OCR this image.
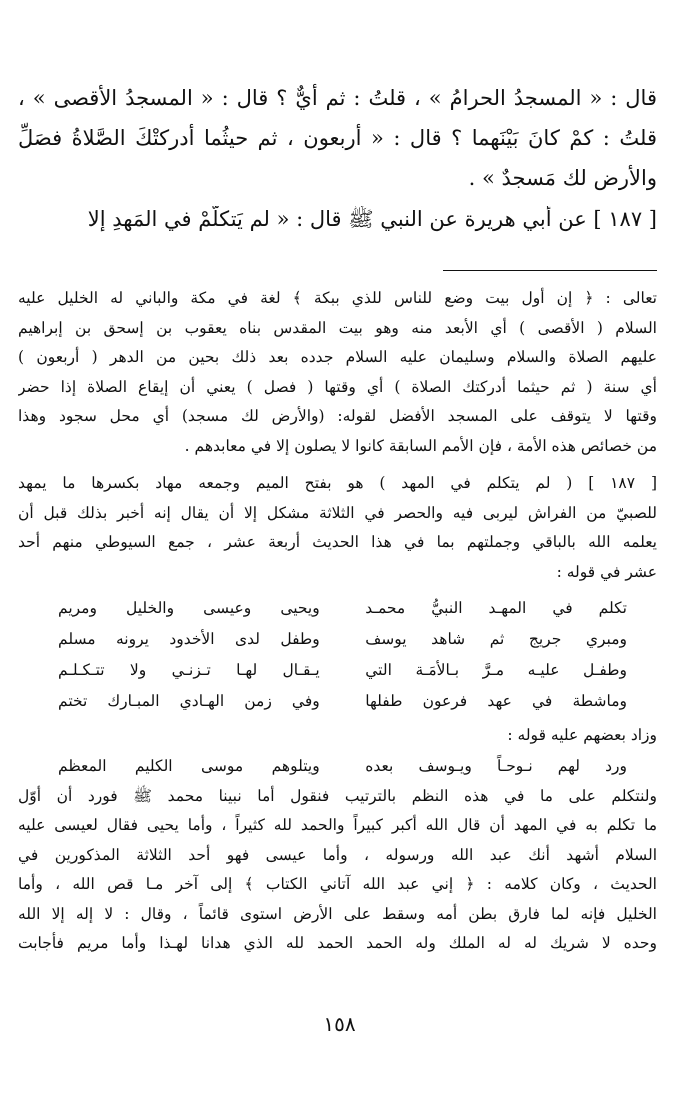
قال : « المسجدُ الحرامُ » ، قلتُ : ثم أيٌّ ؟ قال : « المسجدُ الأقصى » ،
قلتُ : كمْ كانَ بَيْنَهما ؟ قال : « أربعون ، ثم حيثُما أدركتْكَ الصَّلاةُ فصَلِّ
والأرض لك مَسجدٌ » .
[ ١٨٧ ] عن أبي هريرة عن النبي ﷺ قال : « لم يَتكلَّمْ في المَهدِ إلا
تعالى : ﴿ إن أول بيت وضع للناس للذي ببكة ﴾ لغة في مكة والباني له الخليل عليه
السلام ( الأقصى ) أي الأبعد منه وهو بيت المقدس بناه يعقوب بن إسحق بن إبراهيم
عليهم الصلاة والسلام وسليمان عليه السلام جدده بعد ذلك بحين من الدهر ( أربعون )
أي سنة ( ثم حيثما أدركتك الصلاة ) أي وقتها ( فصل ) يعني أن إيقاع الصلاة إذا حضر
وقتها لا يتوقف على المسجد الأفضل لقوله: (والأرض لك مسجد) أي محل سجود وهذا
من خصائص هذه الأمة ، فإن الأمم السابقة كانوا لا يصلون إلا في معابدهم .
[ ١٨٧ ] ( لم يتكلم في المهد ) هو بفتح الميم وجمعه مهاد بكسرها ما يمهد
للصبيّ من الفراش ليربى فيه والحصر في الثلاثة مشكل إلا أن يقال إنه أخبر بذلك قبل أن
يعلمه الله بالباقي وجملتهم بما في هذا الحديث أربعة عشر ، جمع السيوطي منهم أحد
عشر في قوله :
تكلم في المهـد النبيُّ محمـد
ويحيى وعيسى والخليل ومريم
ومبري جريج ثم شاهد يوسف
وطفل لدى الأخدود يرونه مسلم
وطفـل عليـه مـرَّ بـالأمَـة التي
يـقـال لهـا تـزنـي ولا تتـكـلـم
وماشطة في عهد فرعون طفلها
وفي زمن الهـادي المبـارك تختم
وزاد بعضهم عليه قوله :
ورد لهم نـوحـاً ويـوسف بعده
ويتلوهم موسى الكليم المعظم
ولنتكلم على ما في هذه النظم بالترتيب فنقول أما نبينا محمد ﷺ فورد أن أوّل
ما تكلم به في المهد أن قال الله أكبر كبيراً والحمد لله كثيراً ، وأما يحيى فقال لعيسى عليه
السلام أشهد أنك عبد الله ورسوله ، وأما عيسى فهو أحد الثلاثة المذكورين في
الحديث ، وكان كلامه : ﴿ إني عبد الله آتاني الكتاب ﴾ إلى آخر مـا قص الله ، وأما
الخليل فإنه لما فارق بطن أمه وسقط على الأرض استوى قائماً ، وقال : لا إله إلا الله
وحده لا شريك له له الملك وله الحمد الحمد لله الذي هدانا لهـذا وأما مريم فأجابت
١٥٨
